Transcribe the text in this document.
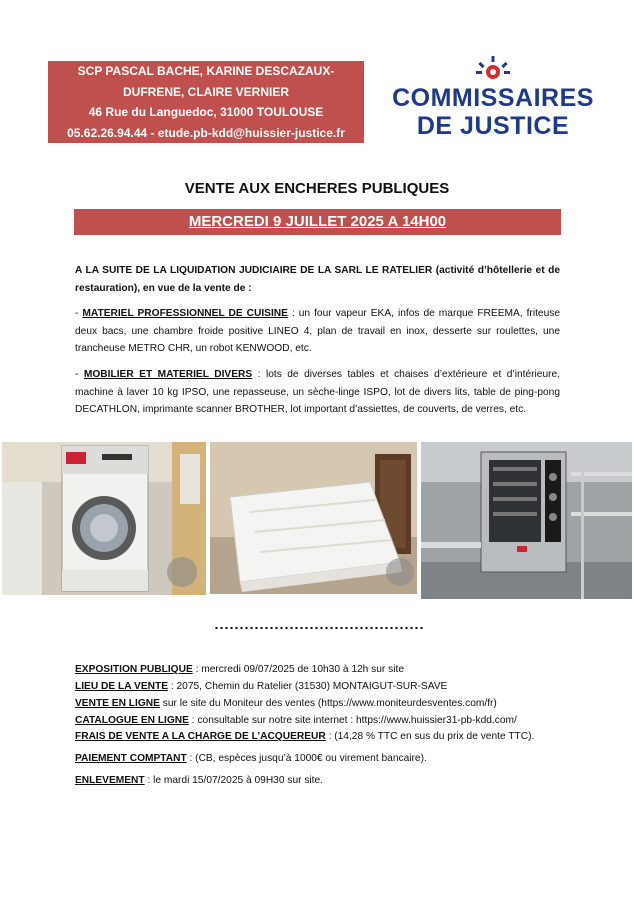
SCP PASCAL BACHE, KARINE DESCAZAUX-
DUFRENE, CLAIRE VERNIER
46 Rue du Languedoc, 31000 TOULOUSE
05.62.26.94.44 - etude.pb-kdd@huissier-justice.fr
COMMISSAIRES
DE JUSTICE
VENTE AUX ENCHERES PUBLIQUES
MERCREDI 9 JUILLET 2025 A 14H00
A LA SUITE DE LA LIQUIDATION JUDICIAIRE DE LA SARL LE RATELIER (activité d’hôtellerie et de restauration), en vue de la vente de :
- MATERIEL PROFESSIONNEL DE CUISINE : un four vapeur EKA, infos de marque FREEMA, friteuse deux bacs, une chambre froide positive LINEO 4, plan de travail en inox, desserte sur roulettes, une trancheuse METRO CHR, un robot KENWOOD, etc.
- MOBILIER ET MATERIEL DIVERS : lots de diverses tables et chaises d’extérieure et d’intérieure, machine à laver 10 kg IPSO, une repasseuse, un sèche-linge ISPO, lot de divers lits, table de ping-pong DECATHLON, imprimante scanner BROTHER, lot important d’assiettes, de couverts, de verres, etc.
EXPOSITION PUBLIQUE : mercredi 09/07/2025 de 10h30 à 12h sur site
LIEU DE LA VENTE : 2075, Chemin du Ratelier (31530) MONTAIGUT-SUR-SAVE
VENTE EN LIGNE sur le site du Moniteur des ventes (https://www.moniteurdesventes.com/fr)
CATALOGUE EN LIGNE : consultable sur notre site internet : https://www.huissier31-pb-kdd.com/
FRAIS DE VENTE A LA CHARGE DE L’ACQUEREUR : (14,28 % TTC en sus du prix de vente TTC).
PAIEMENT COMPTANT : (CB, espèces jusqu’à 1000€ ou virement bancaire).
ENLEVEMENT : le mardi 15/07/2025 à 09H30 sur site.
